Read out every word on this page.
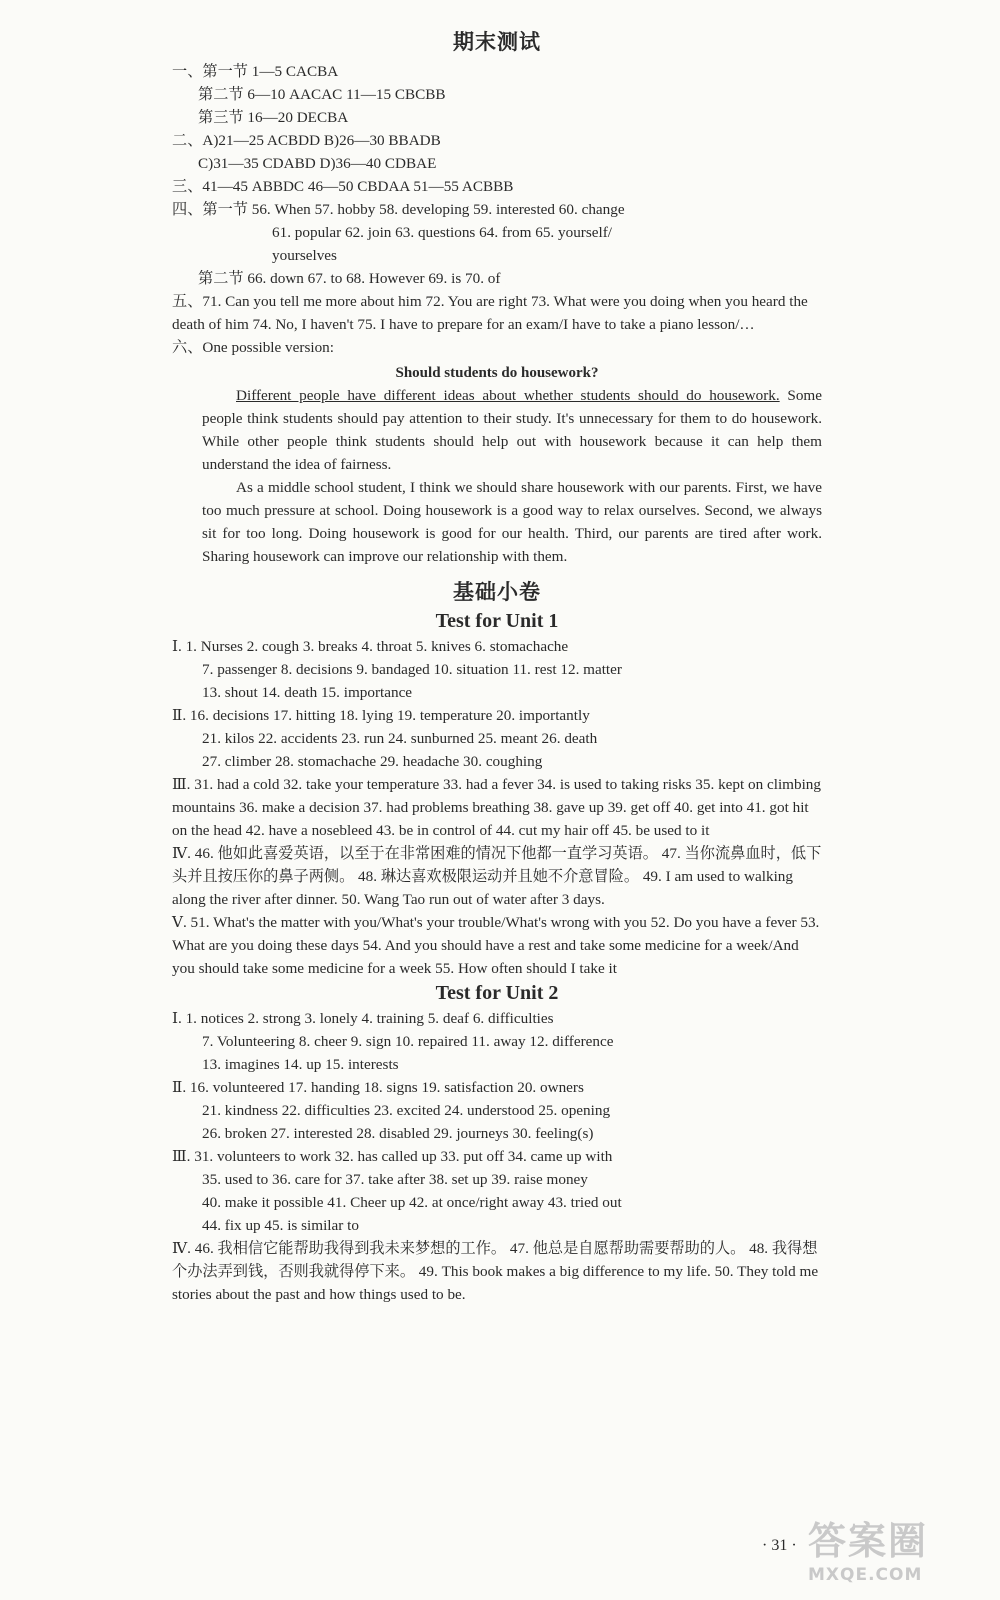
期末测试
一、第一节 1—5 CACBA
第二节 6—10 AACAC 11—15 CBCBB
第三节 16—20 DECBA
二、A)21—25 ACBDD B)26—30 BBADB
C)31—35 CDABD D)36—40 CDBAE
三、41—45 ABBDC 46—50 CBDAA 51—55 ACBBB
四、第一节 56. When 57. hobby 58. developing 59. interested 60. change
61. popular 62. join 63. questions 64. from 65. yourself/
yourselves
第二节 66. down 67. to 68. However 69. is 70. of
五、71. Can you tell me more about him 72. You are right 73. What were you doing when you heard the death of him 74. No, I haven't 75. I have to prepare for an exam/I have to take a piano lesson/…
六、One possible version:
Should students do housework?
Different people have different ideas about whether students should do housework. Some people think students should pay attention to their study. It's unnecessary for them to do housework. While other people think students should help out with housework because it can help them understand the idea of fairness.
As a middle school student, I think we should share housework with our parents. First, we have too much pressure at school. Doing housework is a good way to relax ourselves. Second, we always sit for too long. Doing housework is good for our health. Third, our parents are tired after work. Sharing housework can improve our relationship with them.
基础小卷
Test for Unit 1
Ⅰ. 1. Nurses 2. cough 3. breaks 4. throat 5. knives 6. stomachache
7. passenger 8. decisions 9. bandaged 10. situation 11. rest 12. matter
13. shout 14. death 15. importance
Ⅱ. 16. decisions 17. hitting 18. lying 19. temperature 20. importantly
21. kilos 22. accidents 23. run 24. sunburned 25. meant 26. death
27. climber 28. stomachache 29. headache 30. coughing
Ⅲ. 31. had a cold 32. take your temperature 33. had a fever 34. is used to taking risks 35. kept on climbing mountains 36. make a decision 37. had problems breathing 38. gave up 39. get off 40. get into 41. got hit on the head 42. have a nosebleed 43. be in control of 44. cut my hair off 45. be used to it
Ⅳ. 46. 他如此喜爱英语，以至于在非常困难的情况下他都一直学习英语。 47. 当你流鼻血时，低下头并且按压你的鼻子两侧。 48. 琳达喜欢极限运动并且她不介意冒险。 49. I am used to walking along the river after dinner. 50. Wang Tao run out of water after 3 days.
Ⅴ. 51. What's the matter with you/What's your trouble/What's wrong with you 52. Do you have a fever 53. What are you doing these days 54. And you should have a rest and take some medicine for a week/And you should take some medicine for a week 55. How often should I take it
Test for Unit 2
Ⅰ. 1. notices 2. strong 3. lonely 4. training 5. deaf 6. difficulties
7. Volunteering 8. cheer 9. sign 10. repaired 11. away 12. difference
13. imagines 14. up 15. interests
Ⅱ. 16. volunteered 17. handing 18. signs 19. satisfaction 20. owners
21. kindness 22. difficulties 23. excited 24. understood 25. opening
26. broken 27. interested 28. disabled 29. journeys 30. feeling(s)
Ⅲ. 31. volunteers to work 32. has called up 33. put off 34. came up with
35. used to 36. care for 37. take after 38. set up 39. raise money
40. make it possible 41. Cheer up 42. at once/right away 43. tried out
44. fix up 45. is similar to
Ⅳ. 46. 我相信它能帮助我得到我未来梦想的工作。 47. 他总是自愿帮助需要帮助的人。 48. 我得想个办法弄到钱，否则我就得停下来。 49. This book makes a big difference to my life. 50. They told me stories about the past and how things used to be.
· 31 · 答案圈
MXQE.COM
